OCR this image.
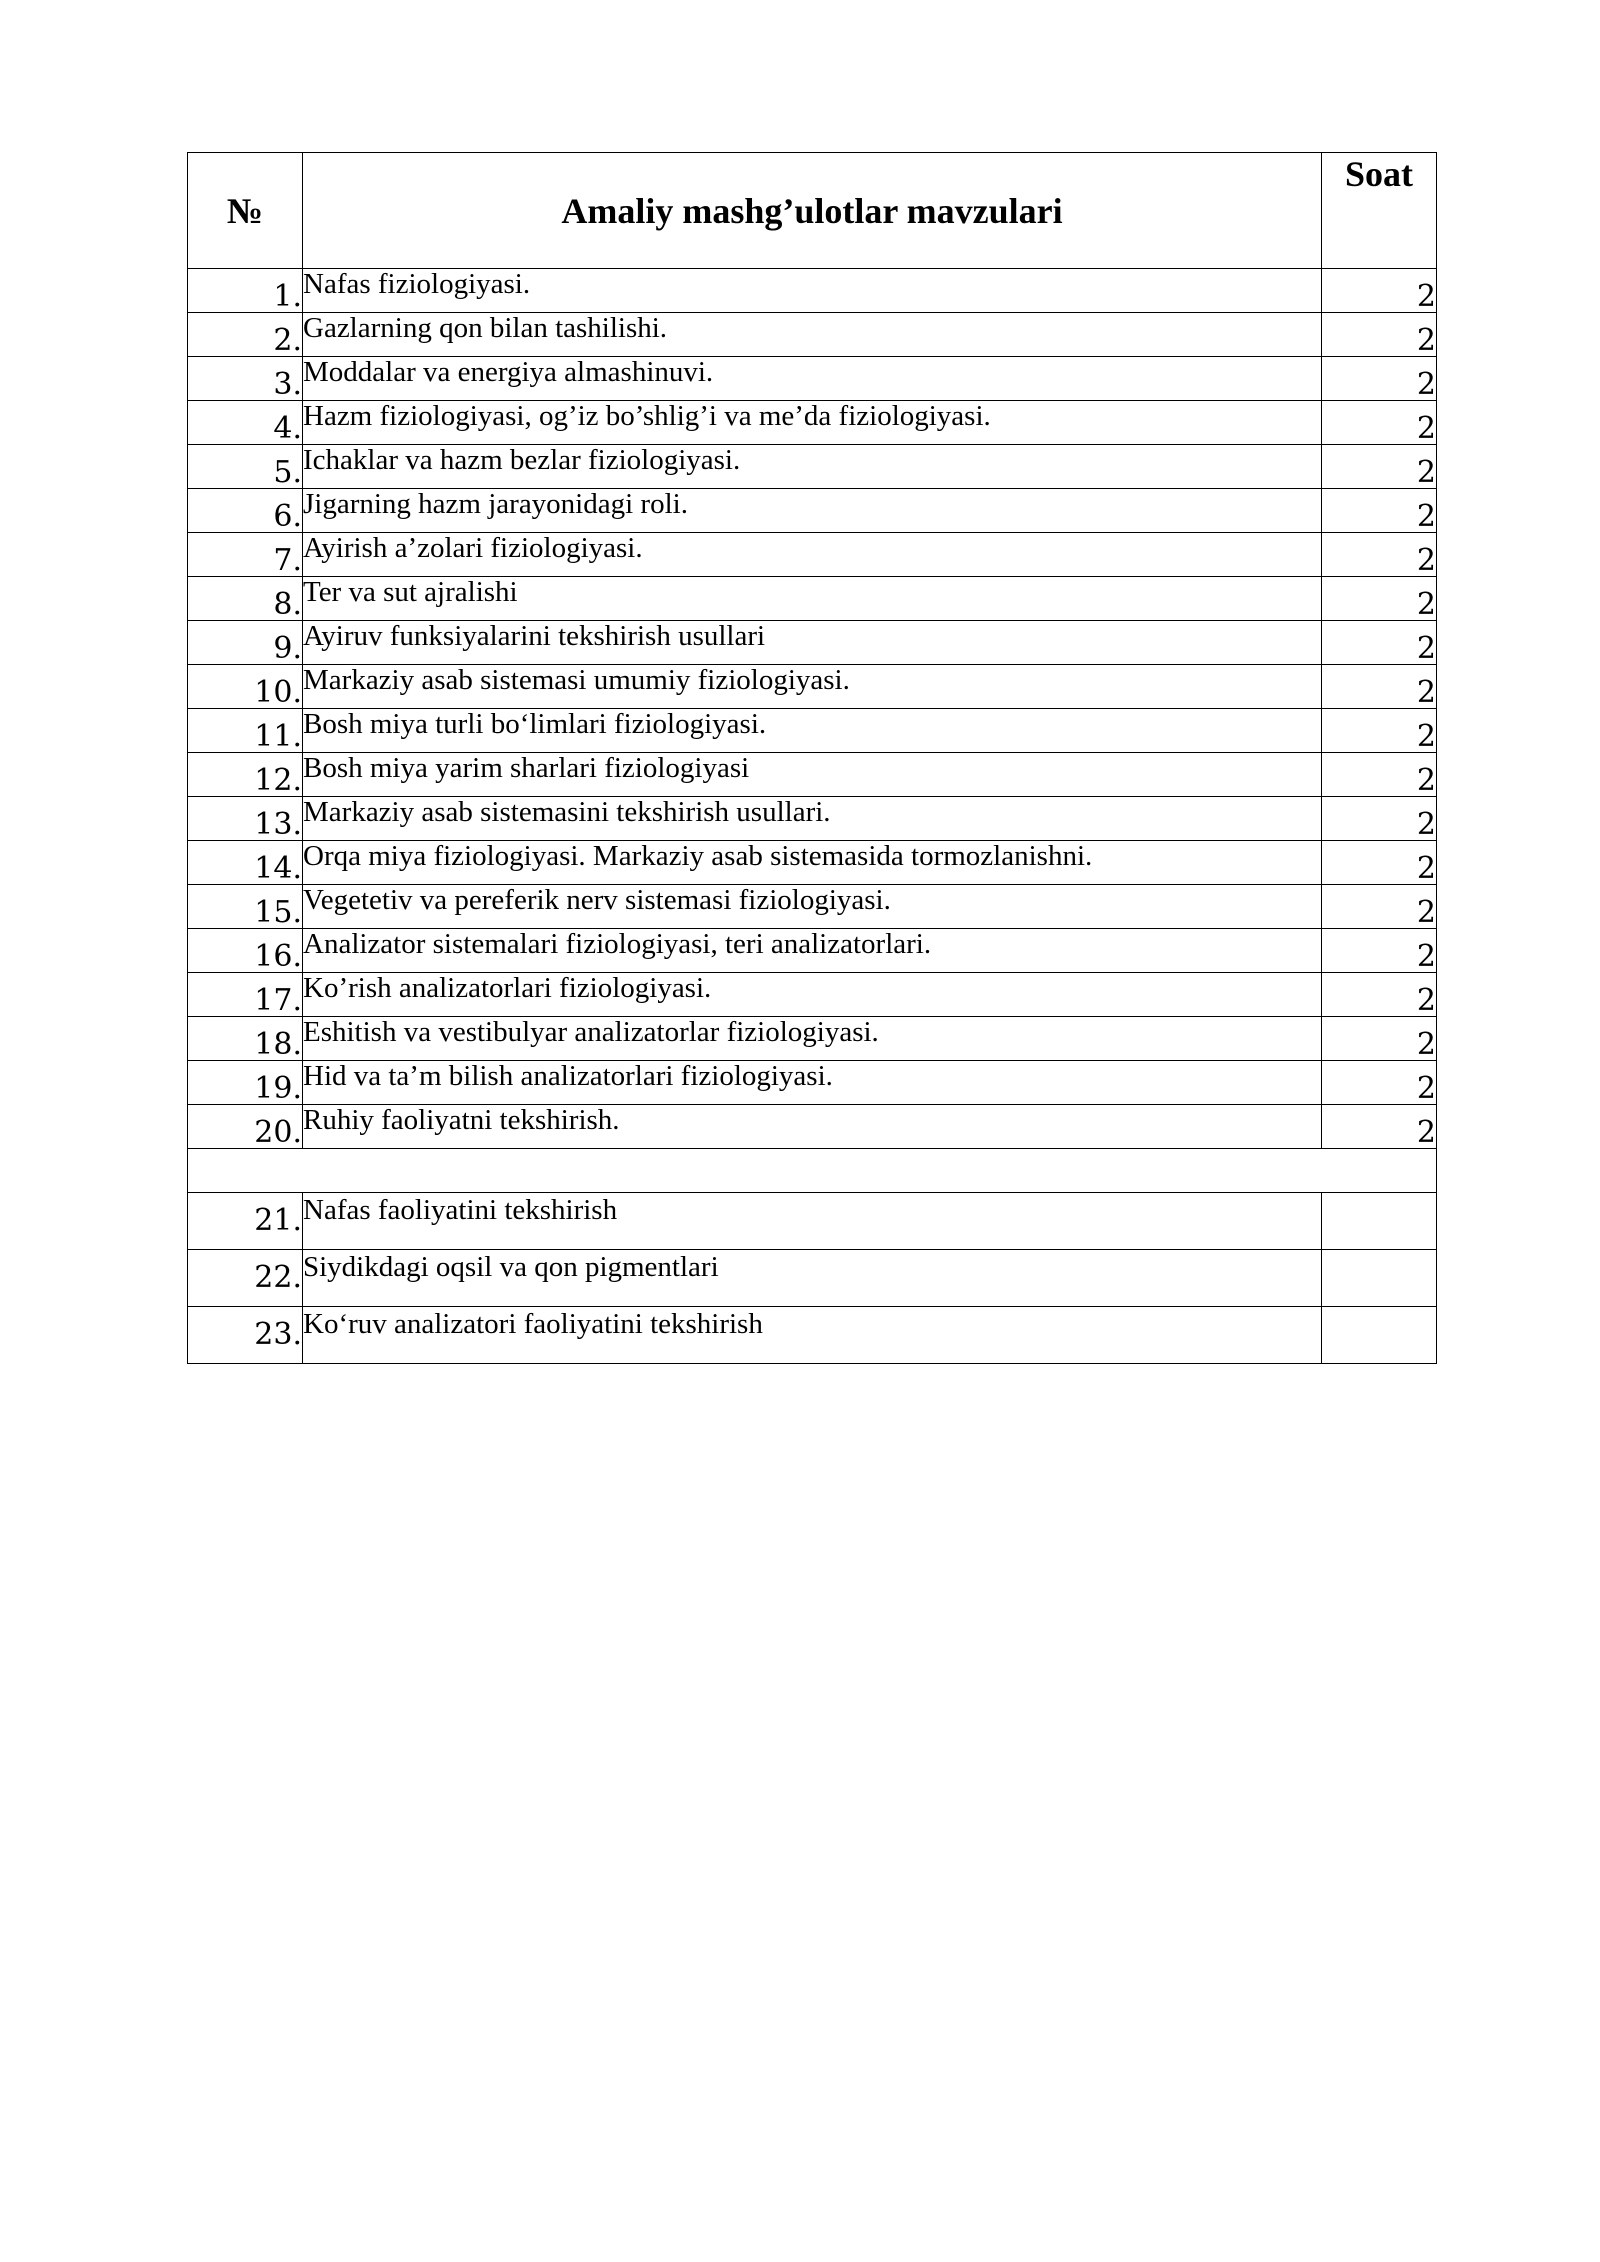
№	Amaliy mashg’ulotlar mavzulari	Soat
1.	Nafas fiziologiyasi.	2
2.	Gazlarning qon bilan tashilishi.	2
3.	Moddalar va energiya almashinuvi.	2
4.	Hazm fiziologiyasi, og’iz bo’shlig’i va me’da fiziologiyasi.	2
5.	Ichaklar va hazm bezlar fiziologiyasi.	2
6.	Jigarning hazm jarayonidagi roli.	2
7.	Ayirish a’zolari fiziologiyasi.	2
8.	Ter va sut ajralishi	2
9.	Ayiruv funksiyalarini tekshirish usullari	2
10.	Markaziy asab sistemasi umumiy fiziologiyasi.	2
11.	Bosh miya turli bo‘limlari fiziologiyasi.	2
12.	Bosh miya yarim sharlari fiziologiyasi	2
13.	Markaziy asab sistemasini tekshirish usullari.	2
14.	Orqa miya fiziologiyasi. Markaziy asab sistemasida tormozlanishni.	2
15.	Vegetetiv va pereferik nerv sistemasi fiziologiyasi.	2
16.	Analizator sistemalari fiziologiyasi, teri analizatorlari.	2
17.	Ko’rish analizatorlari fiziologiyasi.	2
18.	Eshitish va vestibulyar analizatorlar fiziologiyasi.	2
19.	Hid va ta’m bilish analizatorlari fiziologiyasi.	2
20.	Ruhiy faoliyatni tekshirish.	2

21.	Nafas faoliyatini tekshirish	
22.	Siydikdagi oqsil va qon pigmentlari	
23.	Ko‘ruv analizatori faoliyatini tekshirish	
